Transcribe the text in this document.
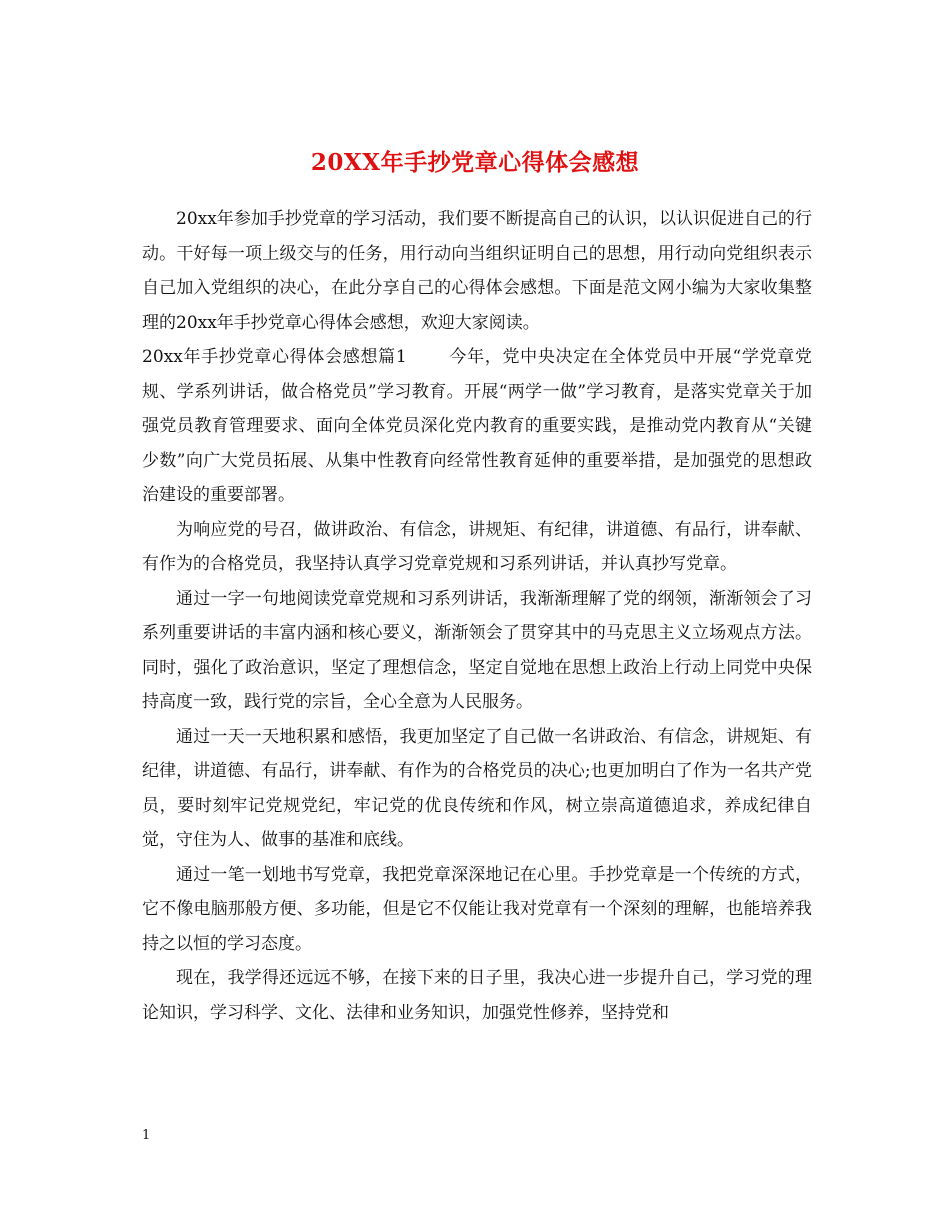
20XX年手抄党章心得体会感想

20xx年参加手抄党章的学习活动，我们要不断提高自己的认识，以认识促进自己的行动。干好每一项上级交与的任务，用行动向当组织证明自己的思想，用行动向党组织表示自己加入党组织的决心，在此分享自己的心得体会感想。下面是范文网小编为大家收集整理的20xx年手抄党章心得体会感想，欢迎大家阅读。

20xx年手抄党章心得体会感想篇1 今年，党中央决定在全体党员中开展“学党章党规、学系列讲话，做合格党员”学习教育。开展“两学一做”学习教育，是落实党章关于加强党员教育管理要求、面向全体党员深化党内教育的重要实践，是推动党内教育从“关键少数”向广大党员拓展、从集中性教育向经常性教育延伸的重要举措，是加强党的思想政治建设的重要部署。

为响应党的号召，做讲政治、有信念，讲规矩、有纪律，讲道德、有品行，讲奉献、有作为的合格党员，我坚持认真学习党章党规和习系列讲话，并认真抄写党章。

通过一字一句地阅读党章党规和习系列讲话，我渐渐理解了党的纲领，渐渐领会了习系列重要讲话的丰富内涵和核心要义，渐渐领会了贯穿其中的马克思主义立场观点方法。同时，强化了政治意识，坚定了理想信念，坚定自觉地在思想上政治上行动上同党中央保持高度一致，践行党的宗旨，全心全意为人民服务。

通过一天一天地积累和感悟，我更加坚定了自己做一名讲政治、有信念，讲规矩、有纪律，讲道德、有品行，讲奉献、有作为的合格党员的决心;也更加明白了作为一名共产党员，要时刻牢记党规党纪，牢记党的优良传统和作风，树立崇高道德追求，养成纪律自觉，守住为人、做事的基准和底线。

通过一笔一划地书写党章，我把党章深深地记在心里。手抄党章是一个传统的方式，它不像电脑那般方便、多功能，但是它不仅能让我对党章有一个深刻的理解，也能培养我持之以恒的学习态度。

现在，我学得还远远不够，在接下来的日子里，我决心进一步提升自己，学习党的理论知识，学习科学、文化、法律和业务知识，加强党性修养，坚持党和

1
